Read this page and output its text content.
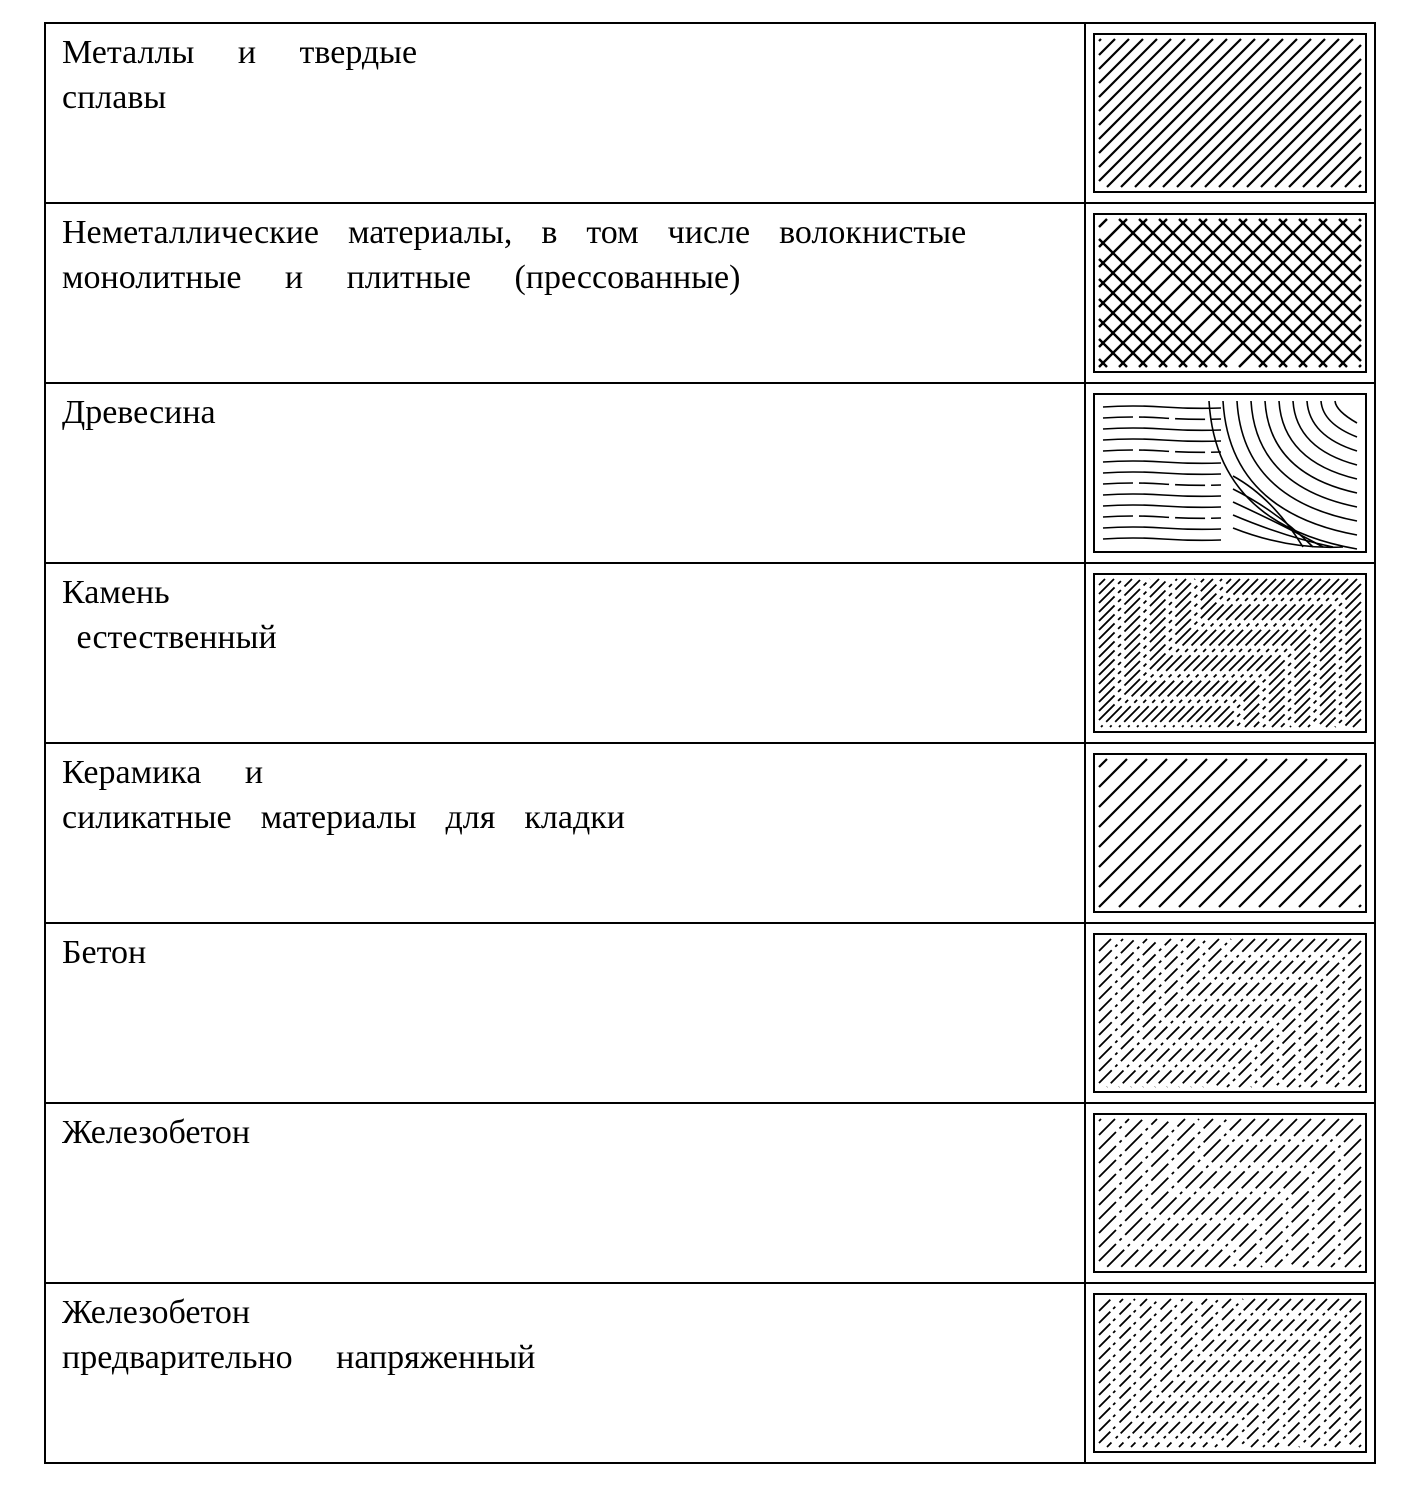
Металлы   и   твердые
сплавы
Неметаллические  материалы,  в  том  числе  волокнистые
монолитные   и   плитные   (прессованные)
Древесина
Камень
естественный
Керамика   и
силикатные  материалы  для  кладки
Бетон
Железобетон
Железобетон
предварительно   напряженный
